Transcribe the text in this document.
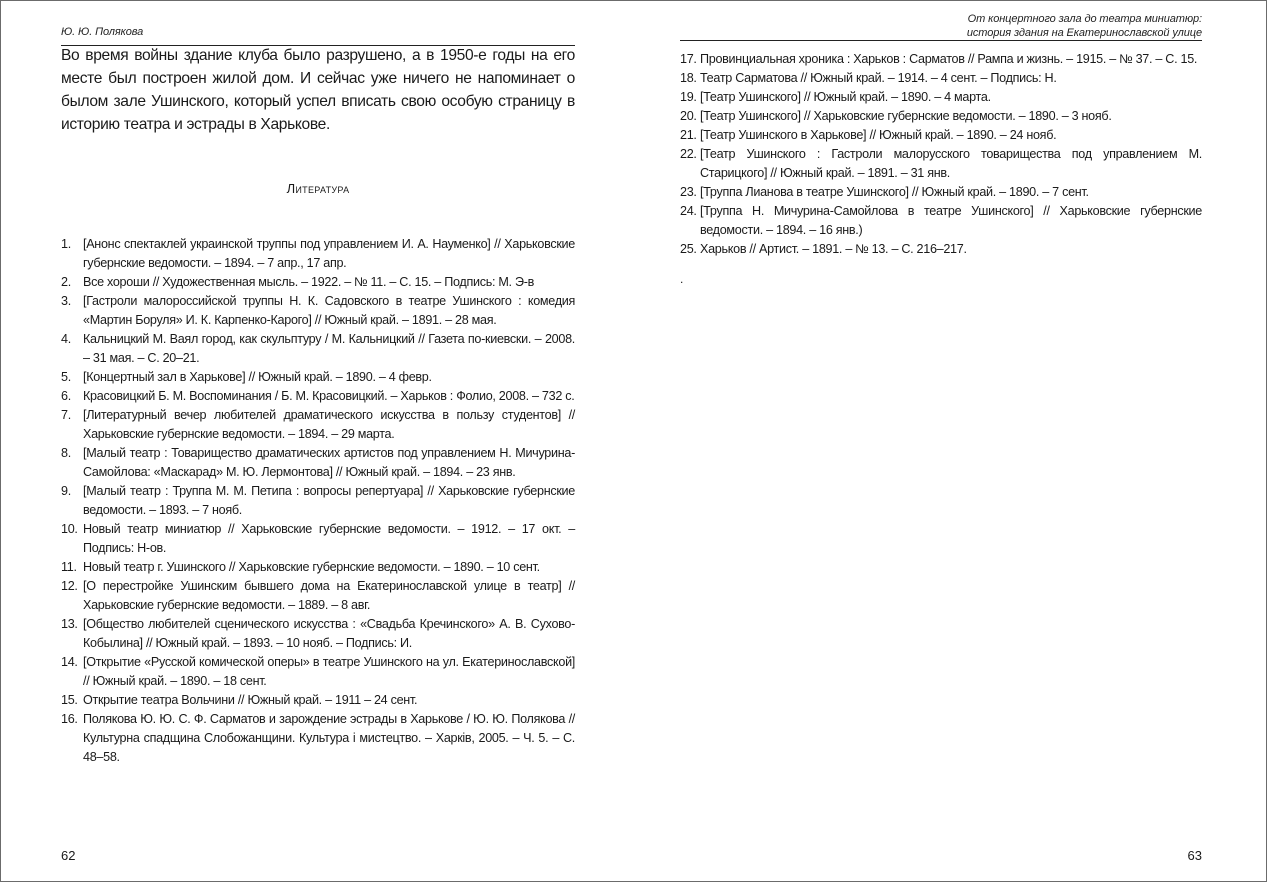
Ю. Ю. Полякова
Во время войны здание клуба было разрушено, а в 1950-е годы на его месте был построен жилой дом. И сейчас уже ничего не напоминает о былом зале Ушинского, который успел вписать свою особую страницу в историю театра и эстрады в Харькове.
Литература
1. [Анонс спектаклей украинской труппы под управлением И. А. Науменко] // Харьковские губернские ведомости. – 1894. – 7 апр., 17 апр.
2. Все хороши // Художественная мысль. – 1922. – № 11. – С. 15. – Подпись: М. Э-в
3. [Гастроли малороссийской труппы Н. К. Садовского в театре Ушинского : комедия «Мартин Боруля» И. К. Карпенко-Карого] // Южный край. – 1891. – 28 мая.
4. Кальницкий М. Ваял город, как скульптуру / М. Кальницкий // Газета по-киевски. – 2008. – 31 мая. – С. 20–21.
5. [Концертный зал в Харькове] // Южный край. – 1890. – 4 февр.
6. Красовицкий Б. М. Воспоминания / Б. М. Красовицкий. – Харьков : Фолио, 2008. – 732 с.
7. [Литературный вечер любителей драматического искусства в пользу студентов] // Харьковские губернские ведомости. – 1894. – 29 марта.
8. [Малый театр : Товарищество драматических артистов под управлением Н. Мичурина-Самойлова: «Маскарад» М. Ю. Лермонтова] // Южный край. – 1894. – 23 янв.
9. [Малый театр : Труппа М. М. Петипа : вопросы репертуара] // Харьковские губернские ведомости. – 1893. – 7 нояб.
10. Новый театр миниатюр // Харьковские губернские ведомости. – 1912. – 17 окт. – Подпись: Н-ов.
11. Новый театр г. Ушинского // Харьковские губернские ведомости. – 1890. – 10 сент.
12. [О перестройке Ушинским бывшего дома на Екатеринославской улице в театр] // Харьковские губернские ведомости. – 1889. – 8 авг.
13. [Общество любителей сценического искусства : «Свадьба Кречинского» А. В. Сухово-Кобылина] // Южный край. – 1893. – 10 нояб. – Подпись: И.
14. [Открытие «Русской комической оперы» в театре Ушинского на ул. Екатеринославской] // Южный край. – 1890. – 18 сент.
15. Открытие театра Вольчини // Южный край. – 1911 – 24 сент.
16. Полякова Ю. Ю. С. Ф. Сарматов и зарождение эстрады в Харькове / Ю. Ю. Полякова // Культурна спадщина Слобожанщини. Культура і мистецтво. – Харків, 2005. – Ч. 5. – С. 48–58.
62
От концертного зала до театра миниатюр:
история здания на Екатеринославской улице
17. Провинциальная хроника : Харьков : Сарматов // Рампа и жизнь. – 1915. – № 37. – С. 15.
18. Театр Сарматова // Южный край. – 1914. – 4 сент. – Подпись: Н.
19. [Театр Ушинского] // Южный край. – 1890. – 4 марта.
20. [Театр Ушинского] // Харьковские губернские ведомости. – 1890. – 3 нояб.
21. [Театр Ушинского в Харькове] // Южный край. – 1890. – 24 нояб.
22. [Театр Ушинского : Гастроли малорусского товарищества под управлением М. Старицкого] // Южный край. – 1891. – 31 янв.
23. [Труппа Лианова в театре Ушинского] // Южный край. – 1890. – 7 сент.
24. [Труппа Н. Мичурина-Самойлова в театре Ушинского] // Харьковские губернские ведомости. – 1894. – 16 янв.)
25. Харьков // Артист. – 1891. – № 13. – С. 216–217.
.
63
